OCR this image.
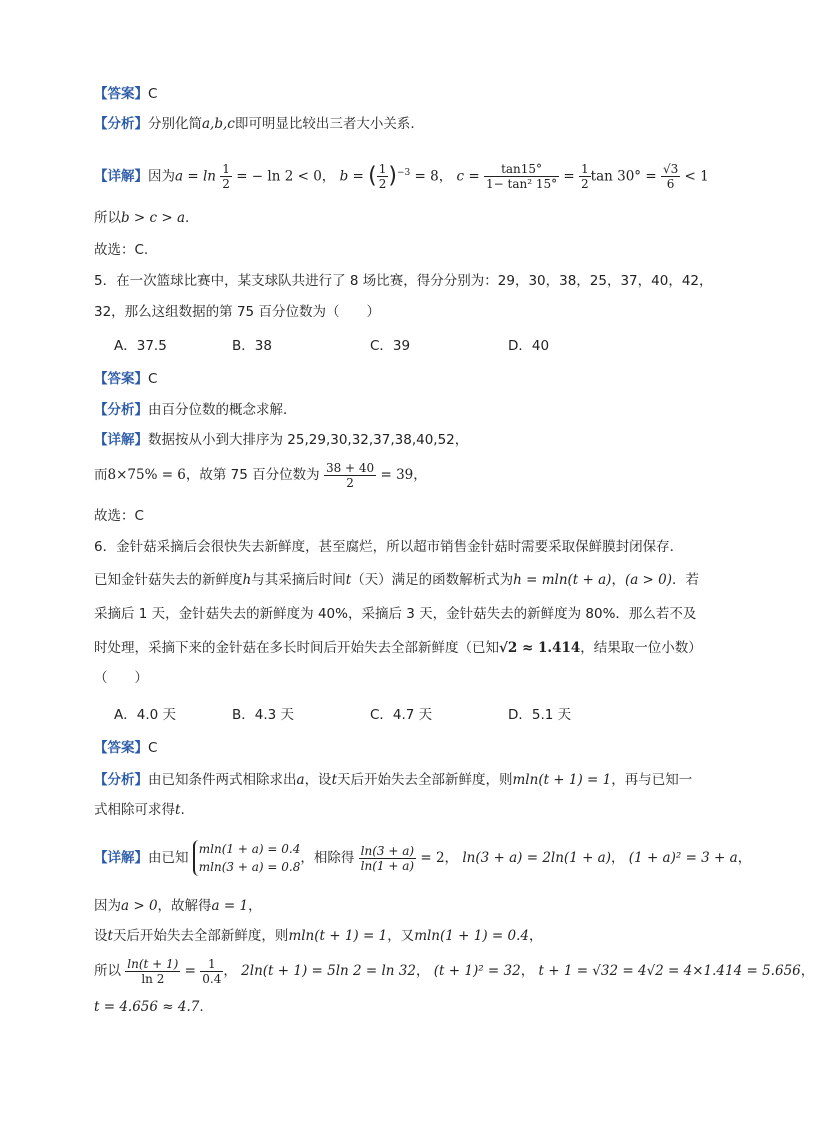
【答案】C
【分析】分别化简a,b,c即可明显比较出三者大小关系.
【详解】因为$a = \ln \frac{1}{2}$ = − ln 2 < 0， b = ( $\frac{1}{2} )^{-3} = 8$， $c = \frac{\tan 15^\circ}{\text{1− tan² 15°}} = \frac{1}{2}$ $\tan 30^\circ = \frac{√3}{6} < 1$
所以b > c > a.
故选：C.
5．在一次篮球比赛中，某支球队共进行了 8 场比赛，得分分别为：29，30，38，25，37，40，42，
32，那么这组数据的第 75 百分位数为（　　）
A．37.5	B．38	C．39	D．40
【答案】C
【分析】由百分位数的概念求解．
【详解】数据按从小到大排序为 25,29,30,32,37,38,40,52，
而8×75% = 6，故第 75 百分位数为 $\frac{38 + 40}{2} = 39$，
故选：C
6．金针菇采摘后会很快失去新鲜度，甚至腐烂，所以超市销售金针菇时需要采取保鲜膜封闭保存．
已知金针菇失去的新鲜度h与其采摘后时间t（天）满足的函数解析式为h = mln(t + a)，(a > 0)．若
采摘后 1 天，金针菇失去的新鲜度为 40%，采摘后 3 天，金针菇失去的新鲜度为 80%．那么若不及
时处理，采摘下来的金针菇在多长时间后开始失去全部新鲜度（已知√2 ≈ 1.414，结果取一位小数）
（　　）
A．4.0 天	B．4.3 天	C．4.7 天	D．5.1 天
【答案】C
【分析】由已知条件两式相除求出a，设t天后开始失去全部新鲜度，则mln(t + 1) = 1，再与已知一
式相除可求得t.
【详解】由已知
mln(1 + a) = 0.4
mln(3 + a) = 0.8
，相除得 $\frac{\ln(3 + a)}{\ln(1 + a)} = 2$， ln(3 + a) = 2ln(1 + a)， (1 + a)² = 3 + a，
因为a > 0，故解得a = 1，
设t天后开始失去全部新鲜度，则mln(t + 1) = 1，又mln(1 + 1) = 0.4，
所以 $\frac{\ln(t + 1)}{\ln 2} = \frac{1}{0.4}$ ， 2ln(t + 1) = 5ln 2 = ln 32， (t + 1)² = 32， t + 1 = √32 = 4√2 = 4×1.414 = 5.656，
t = 4.656 ≈ 4.7.
